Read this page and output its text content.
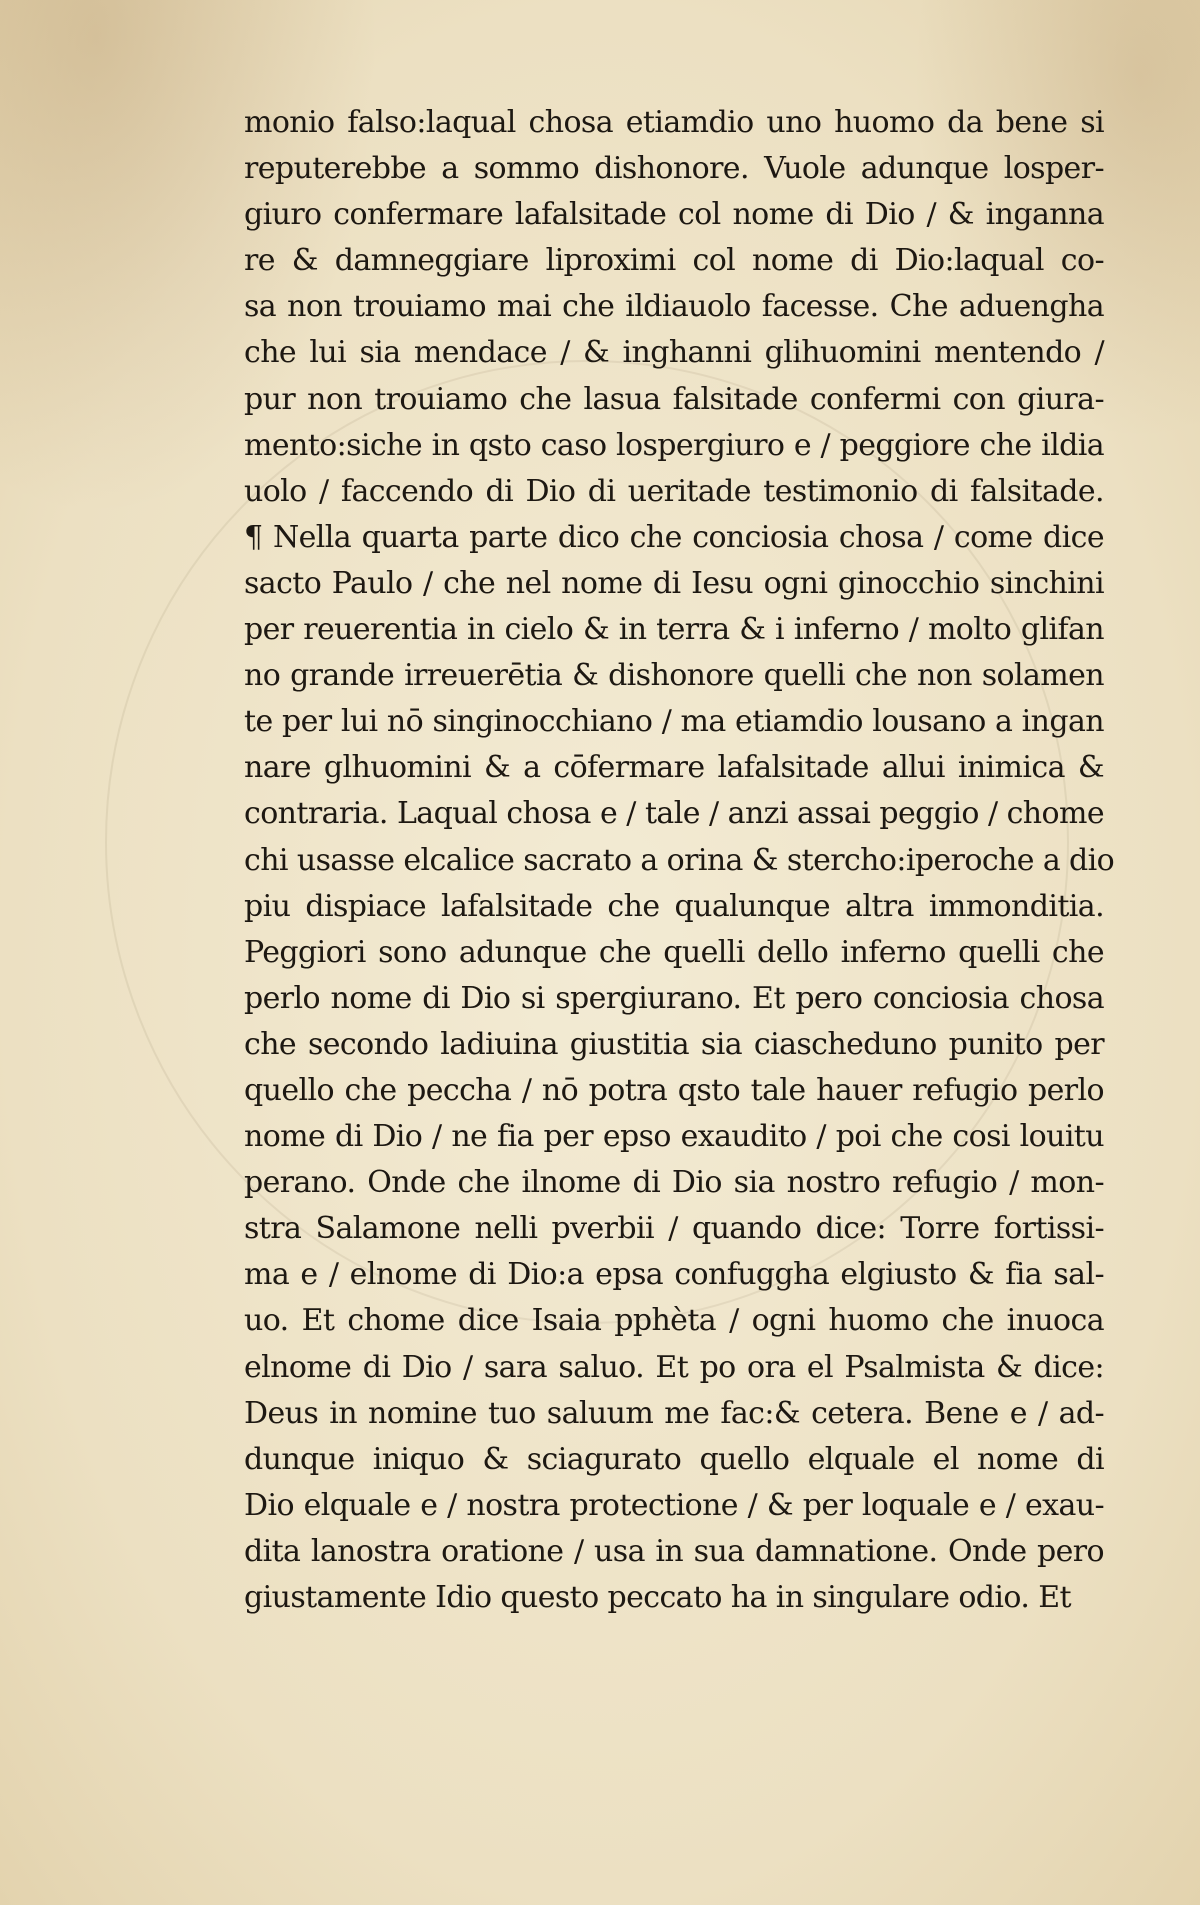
monio falso:laqual chosa etiamdio uno huomo da bene si
reputerebbe a sommo dishonore. Vuole adunque losper-
giuro confermare lafalsitade col nome di Dio / & inganna
re & damneggiare liproximi col nome di Dio:laqual co-
sa non trouiamo mai che ildiauolo facesse. Che aduengha
che lui sia mendace / & inghanni glihuomini mentendo /
pur non trouiamo che lasua falsitade confermi con giura-
mento:siche in qsto caso lospergiuro e / peggiore che ildia
uolo / faccendo di Dio di ueritade testimonio di falsitade.
¶ Nella quarta parte dico che conciosia chosa / come dice
sacto Paulo / che nel nome di Iesu ogni ginocchio sinchini
per reuerentia in cielo & in terra & i inferno / molto glifan
no grande irreuerētia & dishonore quelli che non solamen
te per lui nō singinocchiano / ma etiamdio lousano a ingan
nare glhuomini & a cōfermare lafalsitade allui inimica &
contraria. Laqual chosa e / tale / anzi assai peggio / chome
chi usasse elcalice sacrato a orina & stercho:iperoche a dio
piu dispiace lafalsitade che qualunque altra immonditia.
Peggiori sono adunque che quelli dello inferno quelli che
perlo nome di Dio si spergiurano. Et pero conciosia chosa
che secondo ladiuina giustitia sia ciascheduno punito per
quello che peccha / nō potra qsto tale hauer refugio perlo
nome di Dio / ne fia per epso exaudito / poi che cosi louitu
perano. Onde che ilnome di Dio sia nostro refugio / mon-
stra Salamone nelli pverbii / quando dice: Torre fortissi-
ma e / elnome di Dio:a epsa confuggha elgiusto & fia sal-
uo. Et chome dice Isaia pphèta / ogni huomo che inuoca
elnome di Dio / sara saluo. Et po ora el Psalmista & dice:
Deus in nomine tuo saluum me fac:& cetera. Bene e / ad-
dunque iniquo & sciagurato quello elquale el nome di
Dio elquale e / nostra protectione / & per loquale e / exau-
dita lanostra oratione / usa in sua damnatione. Onde pero
giustamente Idio questo peccato ha in singulare odio. Et
